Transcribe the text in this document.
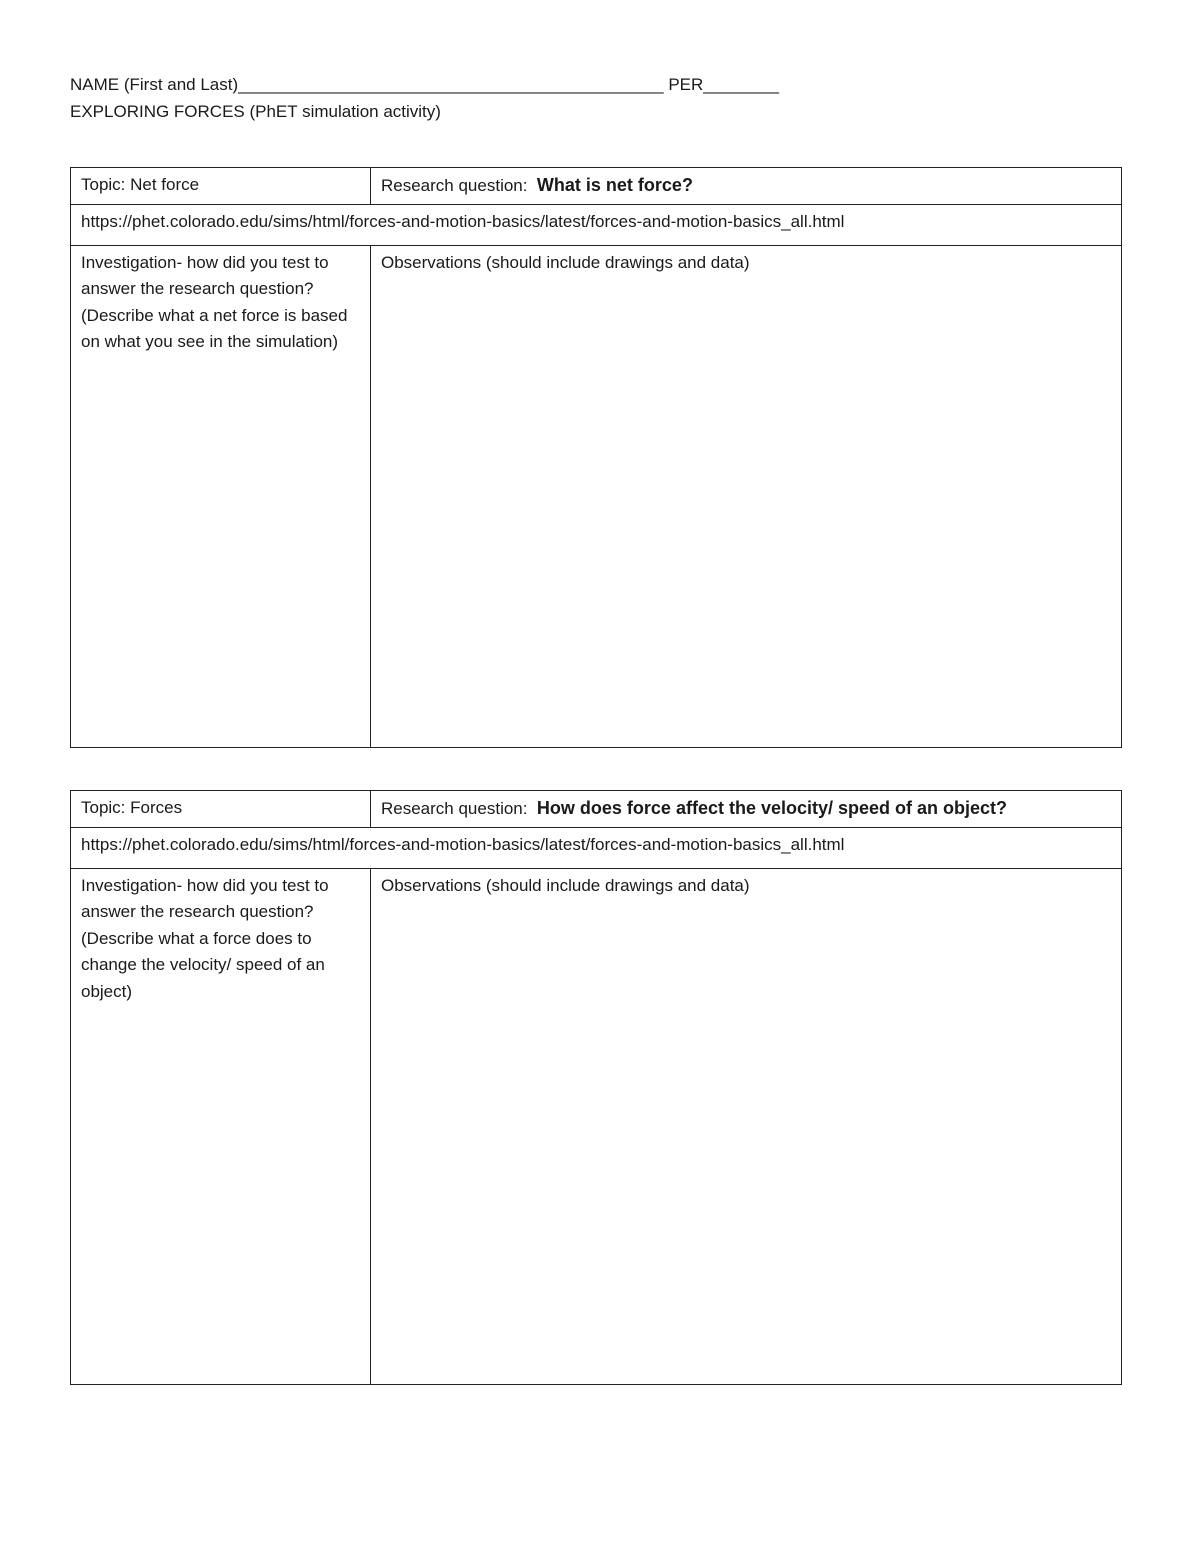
NAME (First and Last)_____________________________________________ PER________
EXPLORING FORCES (PhET simulation activity)
Topic: Net force	Research question:  What is net force?
https://phet.colorado.edu/sims/html/forces-and-motion-basics/latest/forces-and-motion-basics_all.html	
Investigation- how did you test to answer the research question? (Describe what a net force is based on what you see in the simulation)	Observations (should include drawings and data)
Topic: Forces	Research question:  How does force affect the velocity/ speed of an object?
https://phet.colorado.edu/sims/html/forces-and-motion-basics/latest/forces-and-motion-basics_all.html	
Investigation- how did you test to answer the research question? (Describe what a force does to change the velocity/ speed of an object)	Observations (should include drawings and data)
